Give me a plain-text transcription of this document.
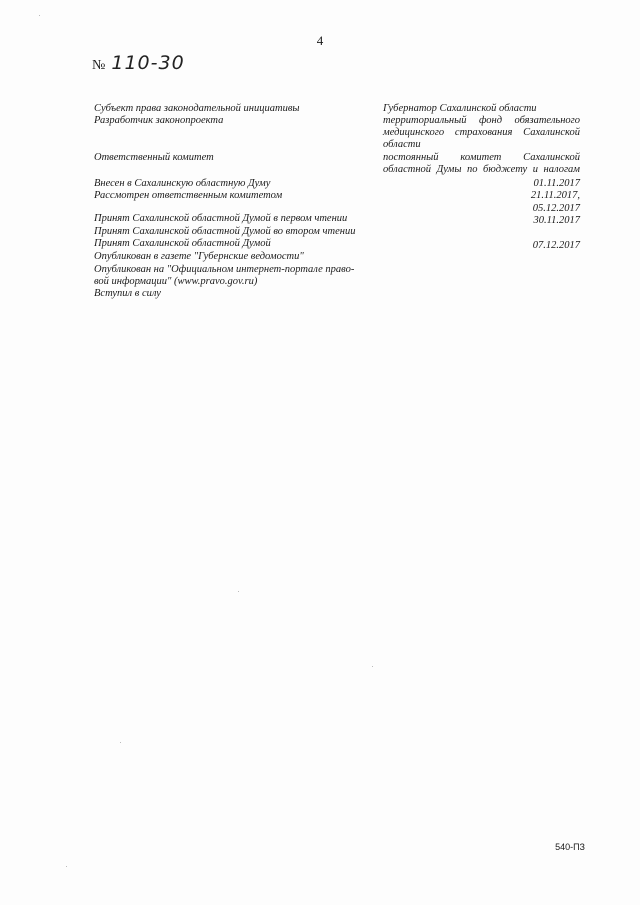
4
№ 110-30
Субъект права законодательной инициативы
Разработчик законопроекта
Ответственный комитет
Внесен в Сахалинскую областную Думу
Рассмотрен ответственным комитетом
Принят Сахалинской областной Думой в первом чтении
Принят Сахалинской областной Думой во втором чтении
Принят Сахалинской областной Думой
Опубликован в газете "Губернские ведомости"
Опубликован на "Официальном интернет-портале право-
вой информации" (www.pravo.gov.ru)
Вступил в силу
Губернатор Сахалинской области
территориальный фонд обязательного
медицинского страхования Сахалинской
области
постоянный комитет Сахалинской
областной Думы по бюджету и налогам
01.11.2017
21.11.2017,
05.12.2017
30.11.2017
07.12.2017
540-ПЗ
